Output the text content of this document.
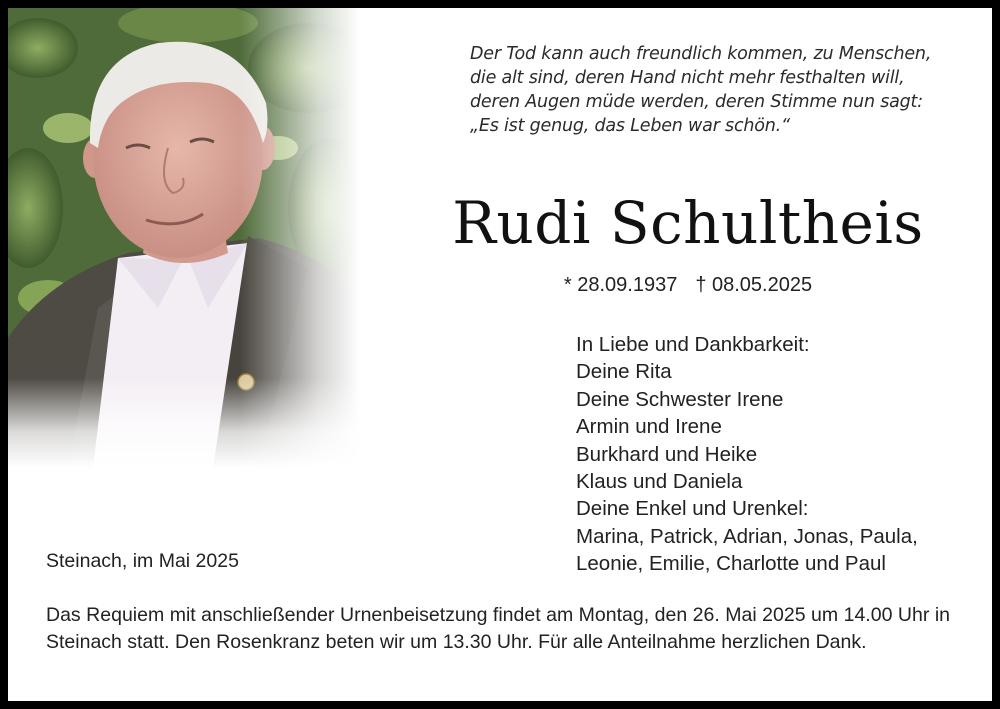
Der Tod kann auch freundlich kommen, zu Menschen,
die alt sind, deren Hand nicht mehr festhalten will,
deren Augen müde werden, deren Stimme nun sagt:
„Es ist genug, das Leben war schön.“
Rudi Schultheis
* 28.09.1937 † 08.05.2025
In Liebe und Dankbarkeit:
Deine Rita
Deine Schwester Irene
Armin und Irene
Burkhard und Heike
Klaus und Daniela
Deine Enkel und Urenkel:
Marina, Patrick, Adrian, Jonas, Paula,
Leonie, Emilie, Charlotte und Paul
Steinach, im Mai 2025
Das Requiem mit anschließender Urnenbeisetzung findet am Montag, den 26. Mai 2025 um 14.00 Uhr in Steinach statt. Den Rosenkranz beten wir um 13.30 Uhr. Für alle Anteilnahme herzlichen Dank.
